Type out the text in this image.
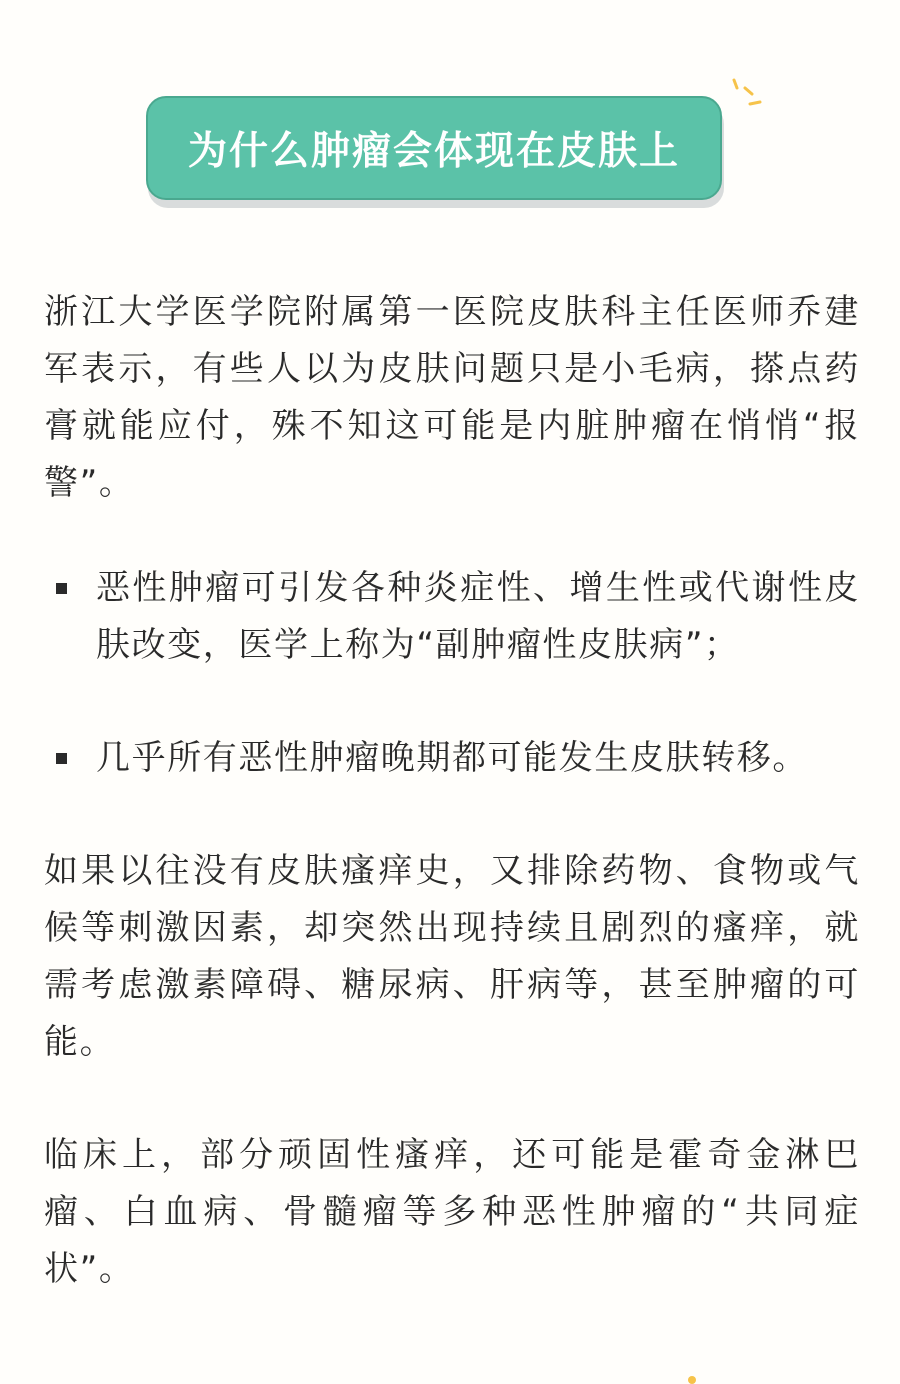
为什么肿瘤会体现在皮肤上

浙江大学医学院附属第一医院皮肤科主任医师乔建军表示，有些人以为皮肤问题只是小毛病，搽点药膏就能应付，殊不知这可能是内脏肿瘤在悄悄“报警”。

恶性肿瘤可引发各种炎症性、增生性或代谢性皮肤改变，医学上称为“副肿瘤性皮肤病”；
几乎所有恶性肿瘤晚期都可能发生皮肤转移。

如果以往没有皮肤瘙痒史，又排除药物、食物或气候等刺激因素，却突然出现持续且剧烈的瘙痒，就需考虑激素障碍、糖尿病、肝病等，甚至肿瘤的可能。

临床上，部分顽固性瘙痒，还可能是霍奇金淋巴瘤、白血病、骨髓瘤等多种恶性肿瘤的“共同症状”。
